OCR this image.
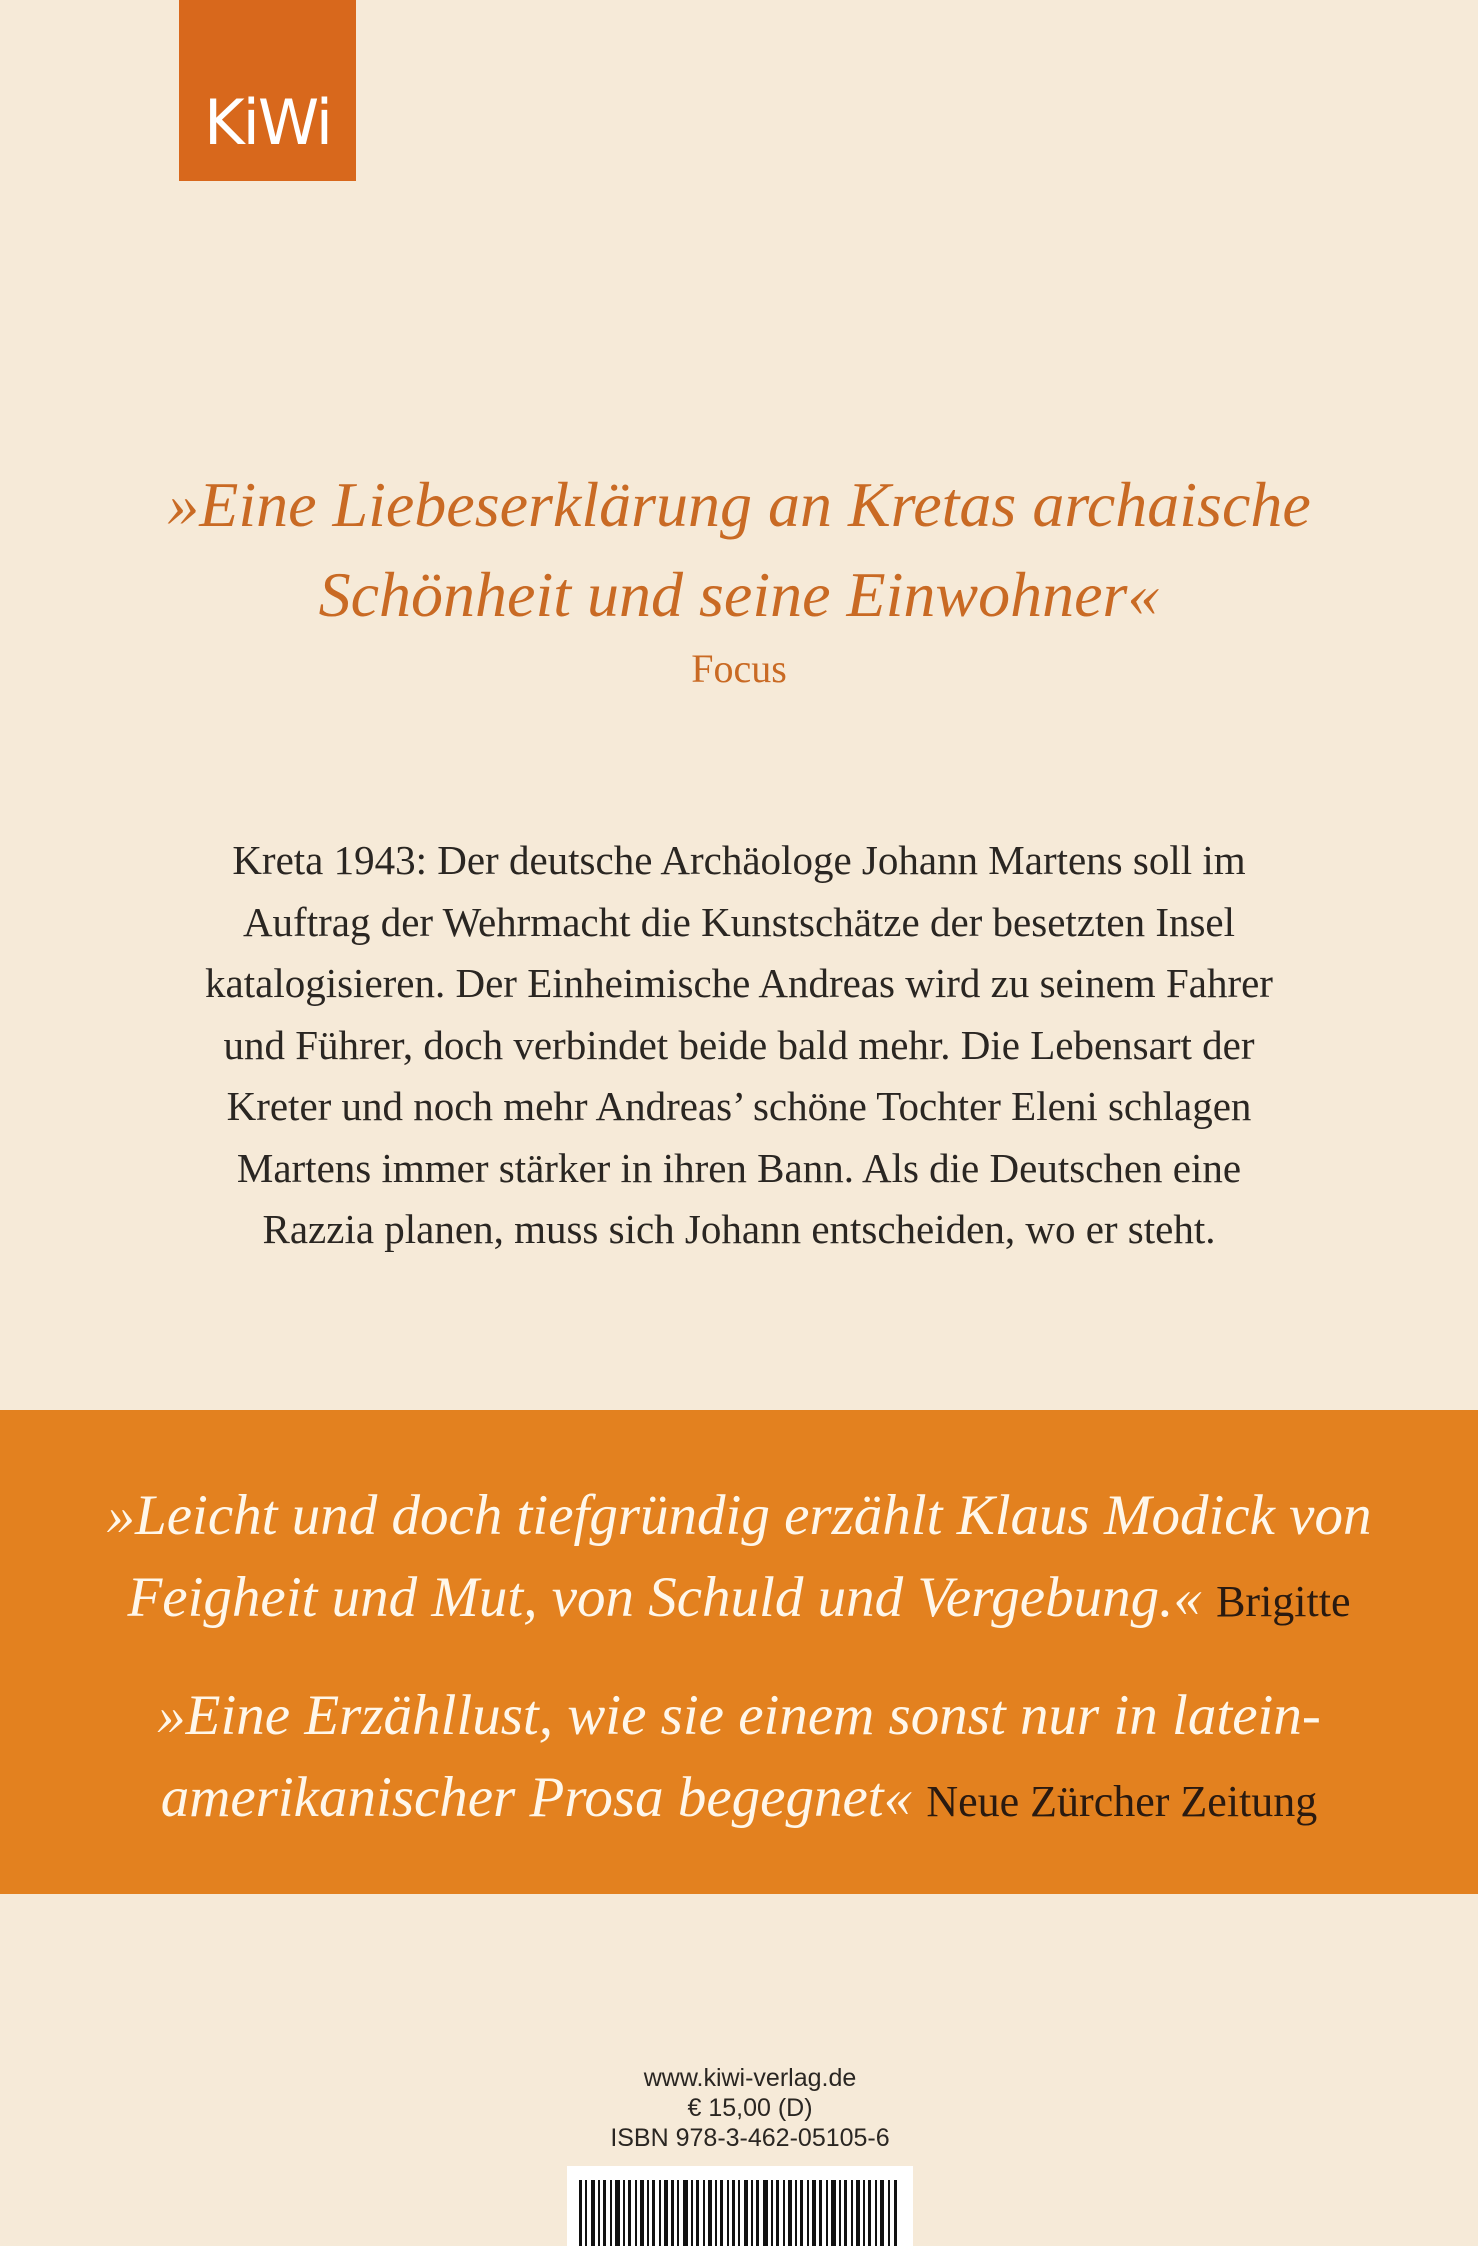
KiWi
»Eine Liebeserklärung an Kretas archaische
Schönheit und seine Einwohner«
Focus
Kreta 1943: Der deutsche Archäologe Johann Martens soll im
Auftrag der Wehrmacht die Kunstschätze der besetzten Insel
katalogisieren. Der Einheimische Andreas wird zu seinem Fahrer
und Führer, doch verbindet beide bald mehr. Die Lebensart der
Kreter und noch mehr Andreas’ schöne Tochter Eleni schlagen
Martens immer stärker in ihren Bann. Als die Deutschen eine
Razzia planen, muss sich Johann entscheiden, wo er steht.
»Leicht und doch tiefgründig erzählt Klaus Modick von
Feigheit und Mut, von Schuld und Vergebung.« Brigitte
»Eine Erzähllust, wie sie einem sonst nur in latein-
amerikanischer Prosa begegnet« Neue Zürcher Zeitung
www.kiwi-verlag.de
€ 15,00 (D)
ISBN 978-3-462-05105-6
